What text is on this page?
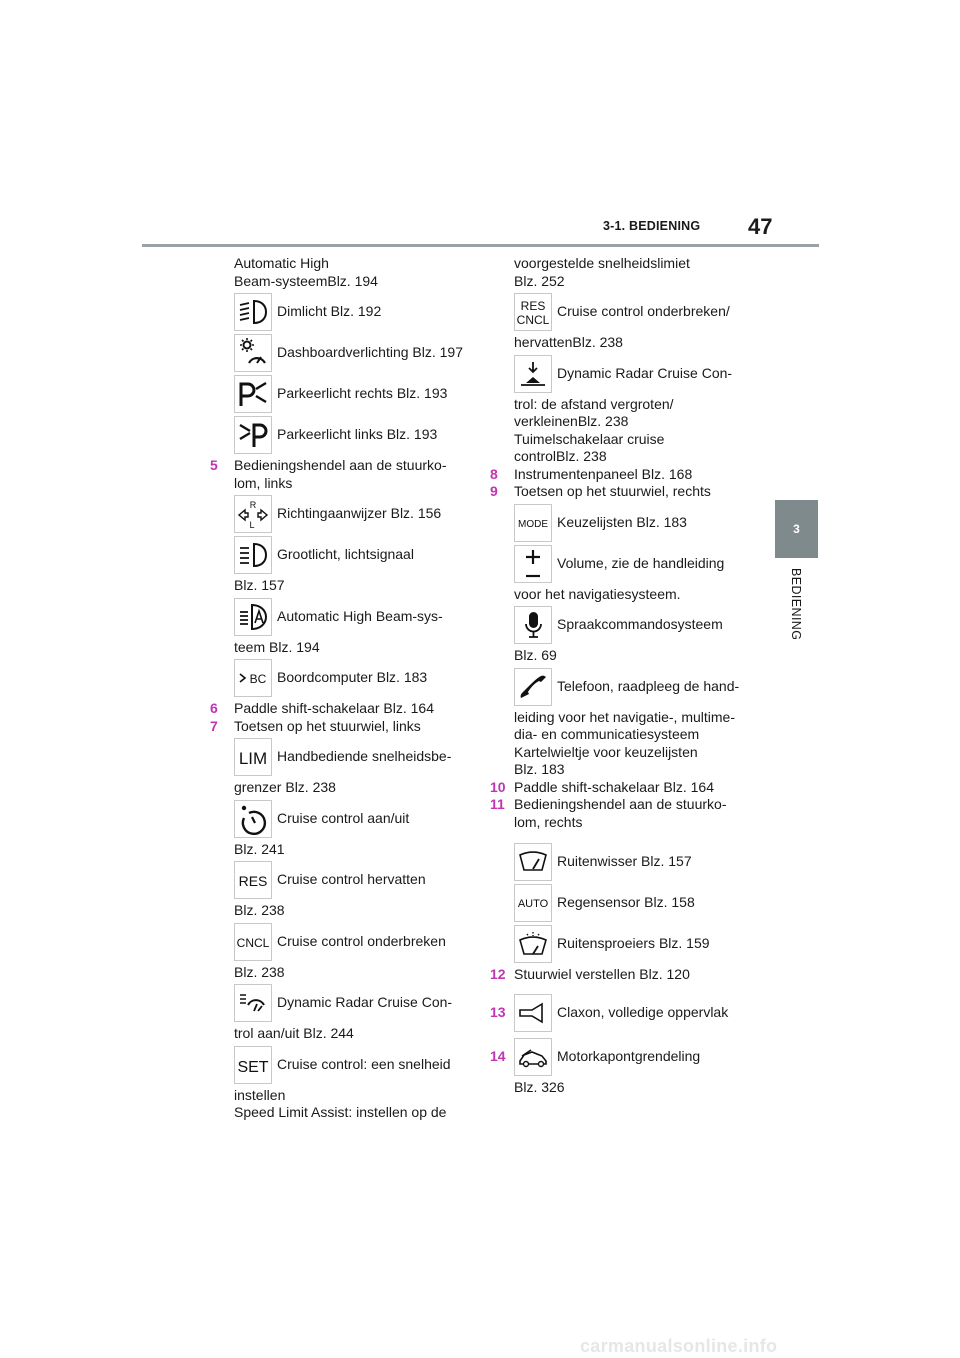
3-1. BEDIENING 47
3
BEDIENING
Automatic High
Beam-systeemBlz. 194
Dimlicht Blz. 192
Dashboardverlichting Blz. 197
Parkeerlicht rechts Blz. 193
Parkeerlicht links Blz. 193
5	Bedieningshendel aan de stuurko-
lom, links
R
L
Richtingaanwijzer Blz. 156
Grootlicht, lichtsignaal
Blz. 157
Automatic High Beam-sys-
teem Blz. 194
BC Boordcomputer Blz. 183
6	Paddle shift-schakelaar Blz. 164
7	Toetsen op het stuurwiel, links
LIM Handbediende snelheidsbe-
grenzer Blz. 238
Cruise control aan/uit
Blz. 241
RES Cruise control hervatten
Blz. 238
CNCL Cruise control onderbreken
Blz. 238
Dynamic Radar Cruise Con-
trol aan/uit Blz. 244
SET Cruise control: een snelheid
instellen
Speed Limit Assist: instellen op de
voorgestelde snelheidslimiet
Blz. 252
RES
CNCL
Cruise control onderbreken/
hervattenBlz. 238
Dynamic Radar Cruise Con-
trol: de afstand vergroten/
verkleinenBlz. 238
Tuimelschakelaar cruise
controlBlz. 238
8	Instrumentenpaneel Blz. 168
9	Toetsen op het stuurwiel, rechts
MODE Keuzelijsten Blz. 183
Volume, zie de handleiding
voor het navigatiesysteem.
Spraakcommandosysteem
Blz. 69
Telefoon, raadpleeg de hand-
leiding voor het navigatie-, multime-
dia- en communicatiesysteem
Kartelwieltje voor keuzelijsten
Blz. 183
10 Paddle shift-schakelaar Blz. 164
11 Bedieningshendel aan de stuurko-
lom, rechts
Ruitenwisser Blz. 157
AUTO Regensensor Blz. 158
Ruitensproeiers Blz. 159
12 Stuurwiel verstellen Blz. 120
13	Claxon, volledige oppervlak
14	Motorkapontgrendeling
Blz. 326
carmanualsonline.info
